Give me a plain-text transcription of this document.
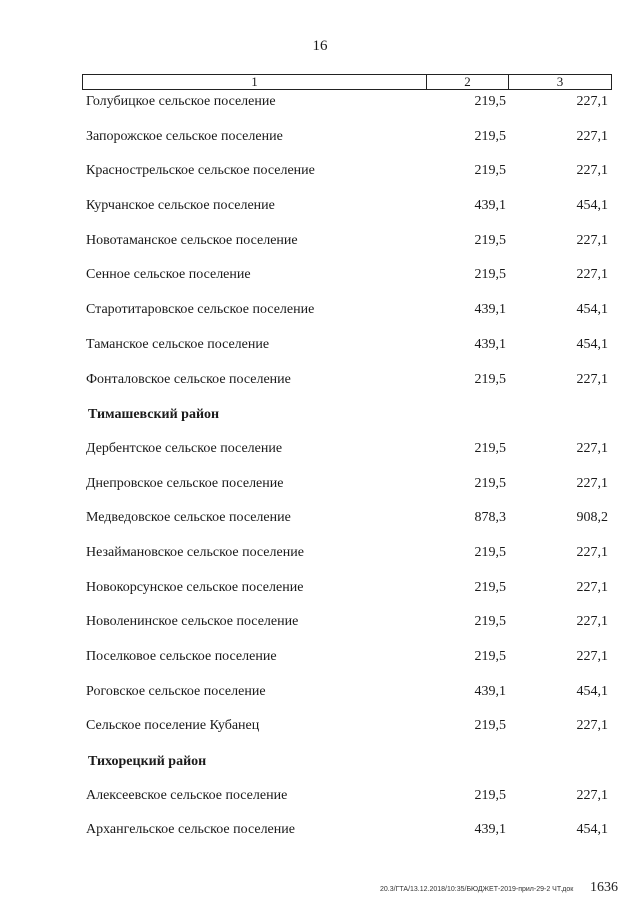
16
1	2	3
Голубицкое сельское поселение	219,5	227,1
Запорожское сельское поселение	219,5	227,1
Краснострельское сельское поселение	219,5	227,1
Курчанское сельское поселение	439,1	454,1
Новотаманское сельское поселение	219,5	227,1
Сенное сельское поселение	219,5	227,1
Старотитаровское сельское поселение	439,1	454,1
Таманское сельское поселение	439,1	454,1
Фонталовское сельское поселение	219,5	227,1
Тимашевский район
Дербентское сельское поселение	219,5	227,1
Днепровское сельское поселение	219,5	227,1
Медведовское сельское поселение	878,3	908,2
Незаймановское сельское поселение	219,5	227,1
Новокорсунское сельское поселение	219,5	227,1
Новоленинское сельское поселение	219,5	227,1
Поселковое сельское поселение	219,5	227,1
Роговское сельское поселение	439,1	454,1
Сельское поселение Кубанец	219,5	227,1
Тихорецкий район
Алексеевское сельское поселение	219,5	227,1
Архангельское сельское поселение	439,1	454,1
20.3/ГТА/13.12.2018/10:35/БЮДЖЕТ-2019-прил-29-2 ЧТ.док 1636
